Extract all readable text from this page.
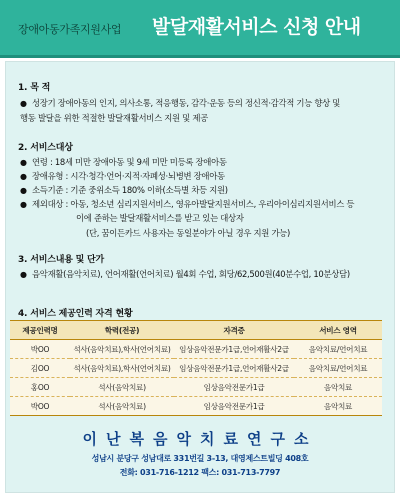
장애아동가족지원사업 발달재활서비스 신청 안내
1. 목 적
● 성장기 장애아동의 인지, 의사소통, 적응행동, 감각·운동 등의 정신적·감각적 기능 향상 및
행동 발달을 위한 적절한 발달재활서비스 지원 및 제공
2. 서비스대상
● 연령 : 18세 미만 장애아동 및 9세 미만 미등록 장애아동
● 장애유형 : 시각·청각·언어·지적·자폐성·뇌병변 장애아동
● 소득기준 : 기준 중위소득 180% 이하(소득별 차등 지원)
● 제외대상 : 아동, 청소년 심리지원서비스, 영유아발달지원서비스, 우리아이심리지원서비스 등
이에 준하는 발달재활서비스를 받고 있는 대상자
(단, 꿈이든카드 사용자는 동일분야가 아닐 경우 지원 가능)
3. 서비스내용 및 단가
● 음악재활(음악치료), 언어재활(언어치료) 월4회 수업, 회당/62,500원(40분수업, 10분상담)
4. 서비스 제공인력 자격 현황
제공인력명	학력(전공)	자격증	서비스 영역
박OO	석사(음악치료),학사(언어치료)	임상음악전문가1급,언어재활사2급	음악치료/언어치료
김OO	석사(음악치료),학사(언어치료)	임상음악전문가1급,언어재활사2급	음악치료/언어치료
홍OO	석사(음악치료)	임상음악전문가1급	음악치료
박OO	석사(음악치료)	임상음악전문가1급	음악치료
이난복음악치료연구소
성남시 분당구 성남대로 331번길 3-13, 대영제스트빌딩 408호
전화: 031-716-1212 팩스: 031-713-7797
